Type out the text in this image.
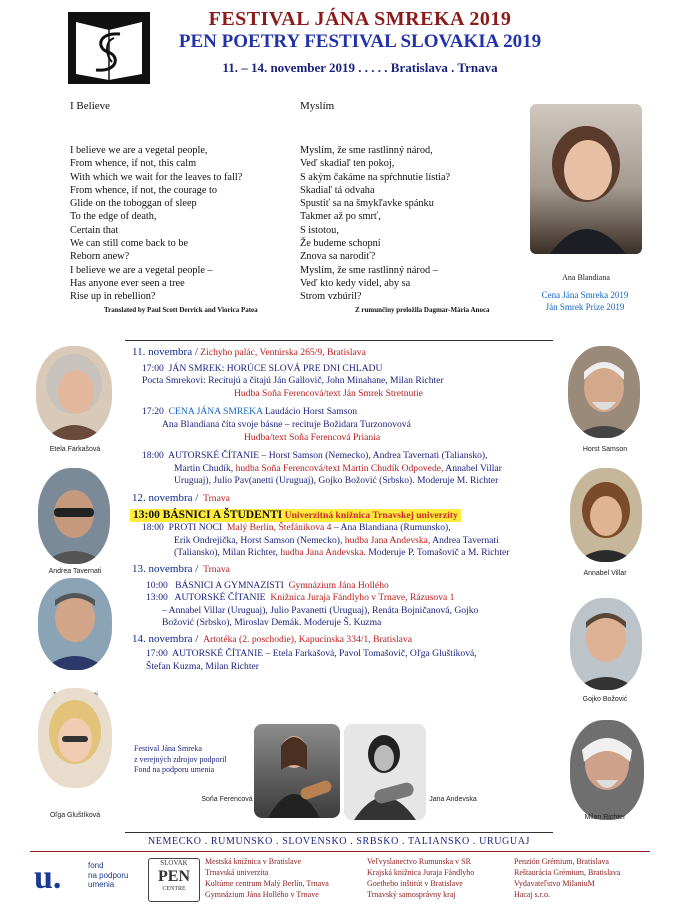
FESTIVAL JÁNA SMREKA 2019
PEN POETRY FESTIVAL SLOVAKIA 2019
11. – 14. november 2019 . . . . . Bratislava . Trnava
I Believe
I believe we are a vegetal people,
From whence, if not, this calm
With which we wait for the leaves to fall?
From whence, if not, the courage to
Glide on the toboggan of sleep
To the edge of death,
Certain that
We can still come back to be
Reborn anew?
I believe we are a vegetal people –
Has anyone ever seen a tree
Rise up in rebellion?
Translated by Paul Scott Derrick and Viorica Patea
Myslím
Myslím, že sme rastlinný národ,
Veď skadiaľ ten pokoj,
S akým čakáme na spŕchnutie lístia?
Skadiaľ tá odvaha
Spustiť sa na šmykľavke spánku
Takmer až po smrť,
S istotou,
Že budeme schopní
Znova sa narodiť?
Myslím, že sme rastlinný národ –
Veď kto kedy videl, aby sa
Strom vzbúril?
Z rumunčiny preložila Dagmar-Mária Anoca
Ana Blandiana
Cena Jána Smreka 2019
Ján Smrek Prize 2019
Etela Farkašová
Andrea Tavernati
Oľga Gluštíková
Horst Samson
Annabel Villar
Gojko Božović
Milan Richter
11. novembra / Zichyho palác, Ventúrska 265/9, Bratislava
17:00 JÁN SMREK: HORÚCE SLOVÁ PRE DNI CHLADU
Pocta Smrekovi: Recitujú a čítajú Ján Gallovič, John Minahane, Milan Richter
Hudba Soňa Ferencová/text Ján Smrek Stretnutie
17:20 CENA JÁNA SMREKA Laudácio Horst Samson
Ana Blandiana číta svoje básne – recituje Božidara Turzonovová
Hudba/text Soňa Ferencová Priania
18:00 AUTORSKÉ ČÍTANIE – Horst Samson (Nemecko), Andrea Tavernati (Taliansko),
Martin Chudík, hudba Soňa Ferencová/text Martin Chudík Odpovede, Annabel Villar
Uruguaj), Julio Pav(anetti (Uruguaj), Gojko Božović (Srbsko). Moderuje M. Richter
12. novembra / Trnava
13:00 BÁSNICI A ŠTUDENTI Univerzitná knižnica Trnavskej univerzity
18:00 PROTI NOCI Malý Berlín, Štefánikova 4 – Ana Blandiana (Rumunsko),
Erik Ondrejička, Horst Samson (Nemecko), hudba Jana Andevska, Andrea Tavernati
(Taliansko), Milan Richter, hudba Jana Andevska. Moderuje P. Tomašovič a M. Richter
13. novembra / Trnava
10:00 BÁSNICI A GYMNAZISTI Gymnázium Jána Hollého
13:00 AUTORSKÉ ČÍTANIE Knižnica Juraja Fándlyho v Trnave, Rázusova 1
– Annabel Villar (Uruguaj), Julio Pavanetti (Uruguaj), Renáta Bojničanová, Gojko
Božović (Srbsko), Miroslav Demák. Moderuje Š. Kuzma
14. novembra / Artotéka (2. poschodie), Kapucínska 334/1, Bratislava
17:00 AUTORSKÉ ČÍTANIE – Etela Farkašová, Pavol Tomašovič, Oľga Gluštíková,
Štefan Kuzma, Milan Richter
Festival Jána Smreka
z verejných zdrojov podporil
Fond na podporu umenia
Soňa Ferencová	Jana Andevska
NEMECKO . RUMUNSKO . SLOVENSKO . SRBSKO . TALIANSKO . URUGUAJ
u.	fond
na podporu
umenia
SLOVAK
PEN
CENTRE
Mestská knižnica v Bratislave
Trnavská univerzita
Kultúrne centrum Malý Berlín, Trnava
Gymnázium Jána Hollého v Trnave
Veľvyslanectvo Rumunska v SR
Krajská knižnica Juraja Fándlyho
Goetheho inštitút v Bratislave
Trnavský samosprávny kraj
Penzión Grémium, Bratislava
Reštaurácia Grémium, Bratislava
Vydavateľstvo MilaniuM
Hacaj s.r.o.
